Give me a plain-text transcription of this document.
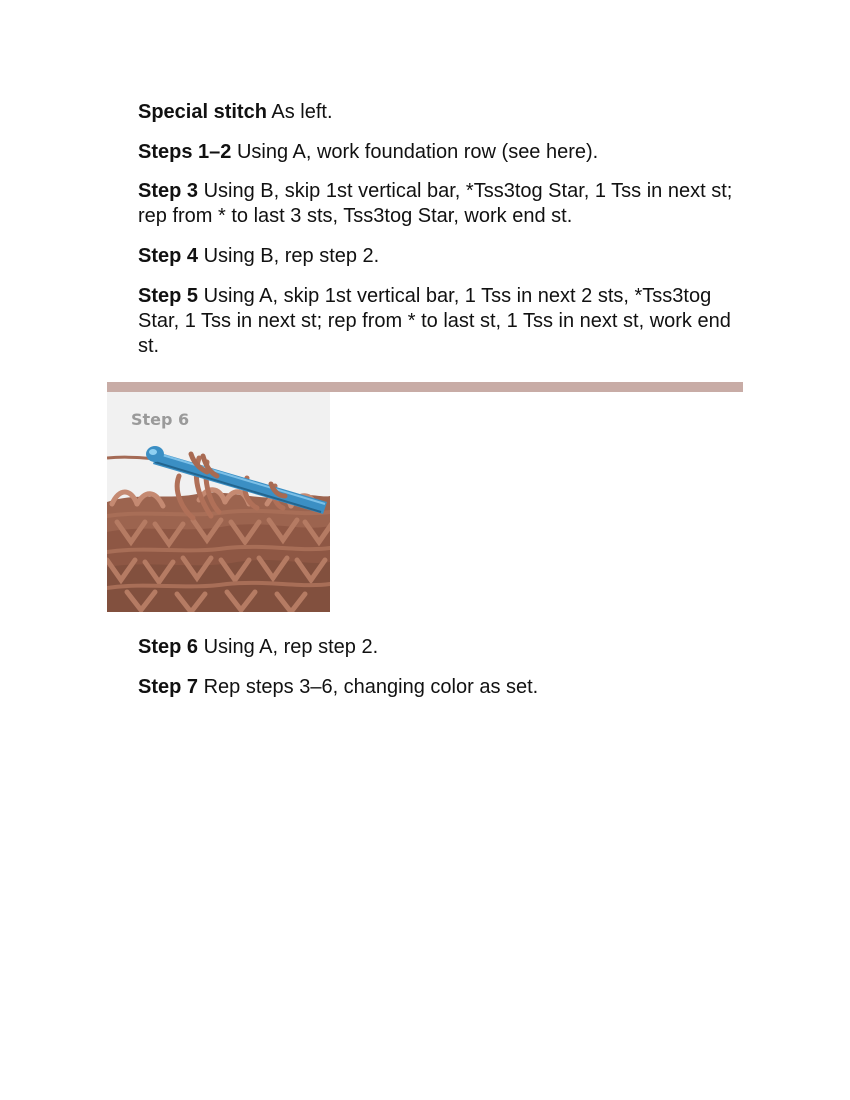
Special stitch As left.

Steps 1–2 Using A, work foundation row (see here).

Step 3 Using B, skip 1st vertical bar, *Tss3tog Star, 1 Tss in next st; rep from * to last 3 sts, Tss3tog Star, work end st.

Step 4 Using B, rep step 2.

Step 5 Using A, skip 1st vertical bar, 1 Tss in next 2 sts, *Tss3tog Star, 1 Tss in next st; rep from * to last st, 1 Tss in next st, work end st.

Step 6

Step 6 Using A, rep step 2.

Step 7 Rep steps 3–6, changing color as set.
